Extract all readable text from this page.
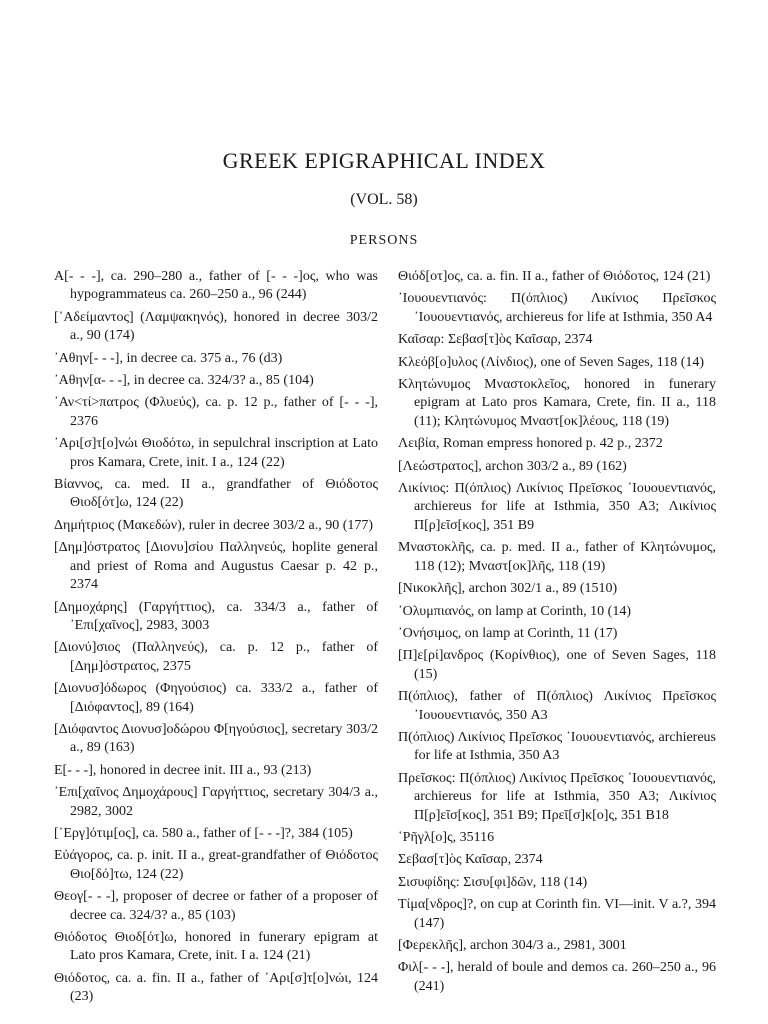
GREEK EPIGRAPHICAL INDEX
(VOL. 58)
PERSONS

Α[- - -], ca. 290–280 a., father of [- - -]ος, who was hypogrammateus ca. 260–250 a., 96 (244)

[᾽Αδείμαντος] (Λαμψακηνός), honored in decree 303/2 a., 90 (174)

᾽Αθην[- - -], in decree ca. 375 a., 76 (d3)

᾽Αθην[α- - -], in decree ca. 324/3? a., 85 (104)

᾽Αν<τί>πατρος (Φλυεύς), ca. p. 12 p., father of [- - -], 2376

᾽Αρι[σ]τ[ο]νώι Θιοδότω, in sepulchral inscription at Lato pros Kamara, Crete, init. I a., 124 (22)

Βίαννος, ca. med. II a., grandfather of Θιόδοτος Θιοδ[ότ]ω, 124 (22)

Δημήτριος (Μακεδών), ruler in decree 303/2 a., 90 (177)

[Δημ]όστρατος [Διονυ]σίου Παλληνεύς, hoplite general and priest of Roma and Augustus Caesar p. 42 p., 2374

[Δημοχάρης] (Γαργήττιος), ca. 334/3 a., father of ᾽Επι[χαῖνος], 2983, 3003

[Διονύ]σιος (Παλληνεύς), ca. p. 12 p., father of [Δημ]όστρατος, 2375

[Διονυσ]όδωρος (Φηγούσιος) ca. 333/2 a., father of [Διόφαντος], 89 (164)

[Διόφαντος Διονυσ]οδώρου Φ[ηγούσιος], secretary 303/2 a., 89 (163)

Ε[- - -], honored in decree init. III a., 93 (213)

᾽Επι[χαῖνος Δημοχάρους] Γαργήττιος, secretary 304/3 a., 2982, 3002

[᾽Εργ]ότιμ[ος], ca. 580 a., father of [- - -]?, 384 (105)

Εὐάγορος, ca. p. init. II a., great-grandfather of Θιόδοτος Θιο[δό]τω, 124 (22)

Θεογ[- - -], proposer of decree or father of a proposer of decree ca. 324/3? a., 85 (103)

Θιόδοτος Θιοδ[ότ]ω, honored in funerary epigram at Lato pros Kamara, Crete, init. I a. 124 (21)

Θιόδοτος, ca. a. fin. II a., father of ᾽Αρι[σ]τ[ο]νώι, 124 (23)

Θιόδ[οτ]ος, ca. a. fin. II a., father of Θιόδοτος, 124 (21)

᾽Ιουουεντιανός: Π(όπλιος) Λικίνιος Πρεῖσκος ᾽Ιουουεντιανός, archiereus for life at Isthmia, 350 A4

Καῖσαρ: Σεβασ[τ]ὸς Καῖσαρ, 2374

Κλεόβ[ο]υλος (Λίνδιος), one of Seven Sages, 118 (14)

Κλητώνυμος Μναστοκλεῖος, honored in funerary epigram at Lato pros Kamara, Crete, fin. II a., 118 (11); Κλητώνυμος Μναστ[οκ]λέους, 118 (19)

Λειβία, Roman empress honored p. 42 p., 2372

[Λεώστρατος], archon 303/2 a., 89 (162)

Λικίνιος: Π(όπλιος) Λικίνιος Πρεῖσκος ᾽Ιουουεντιανός, archiereus for life at Isthmia, 350 A3; Λικίνιος Π[ρ]εῖσ[κος], 351 B9

Μναστοκλῆς, ca. p. med. II a., father of Κλητώνυμος, 118 (12); Μναστ[οκ]λῆς, 118 (19)

[Νικοκλῆς], archon 302/1 a., 89 (1510)

᾽Ολυμπιανός, on lamp at Corinth, 10 (14)

᾽Ονήσιμος, on lamp at Corinth, 11 (17)

[Π]ε[ρί]ανδρος (Κορίνθιος), one of Seven Sages, 118 (15)

Π(όπλιος), father of Π(όπλιος) Λικίνιος Πρεῖσκος ᾽Ιουουεντιανός, 350 A3

Π(όπλιος) Λικίνιος Πρεῖσκος ᾽Ιουουεντιανός, archiereus for life at Isthmia, 350 A3

Πρεῖσκος: Π(όπλιος) Λικίνιος Πρεῖσκος ᾽Ιουουεντιανός, archiereus for life at Isthmia, 350 A3; Λικίνιος Π[ρ]εῖσ[κος], 351 B9; Πρεῖ[σ]κ[ο]ς, 351 B18

῾Ρῆγλ[ο]ς, 35116

Σεβασ[τ]ὸς Καῖσαρ, 2374

Σισυφίδης: Σισυ[φι]δῶν, 118 (14)

Τίμα[νδρος]?, on cup at Corinth fin. VI—init. V a.?, 394 (147)

[Φερεκλῆς], archon 304/3 a., 2981, 3001

Φιλ[- - -], herald of boule and demos ca. 260–250 a., 96 (241)
